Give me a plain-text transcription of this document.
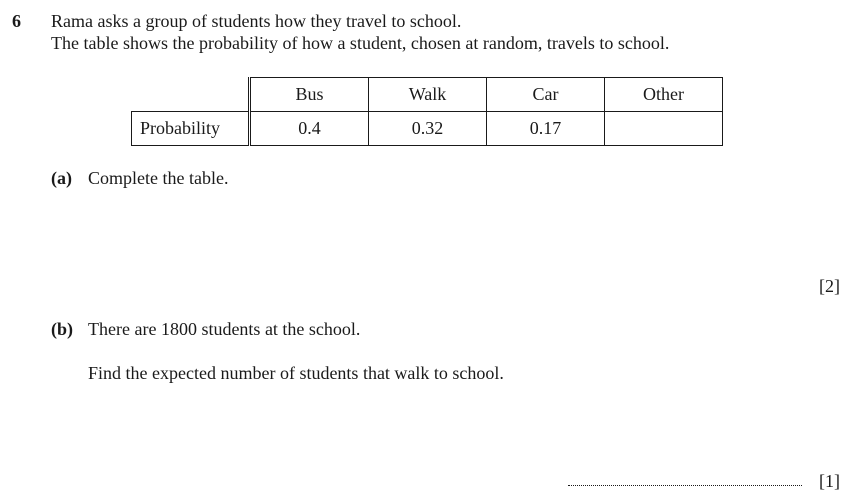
6 Rama asks a group of students how they travel to school.
The table shows the probability of how a student, chosen at random, travels to school.
	Bus	Walk	Car	Other
Probability	0.4	0.32	0.17	
(a) Complete the table.
[2]
(b) There are 1800 students at the school.
Find the expected number of students that walk to school.
[1]
